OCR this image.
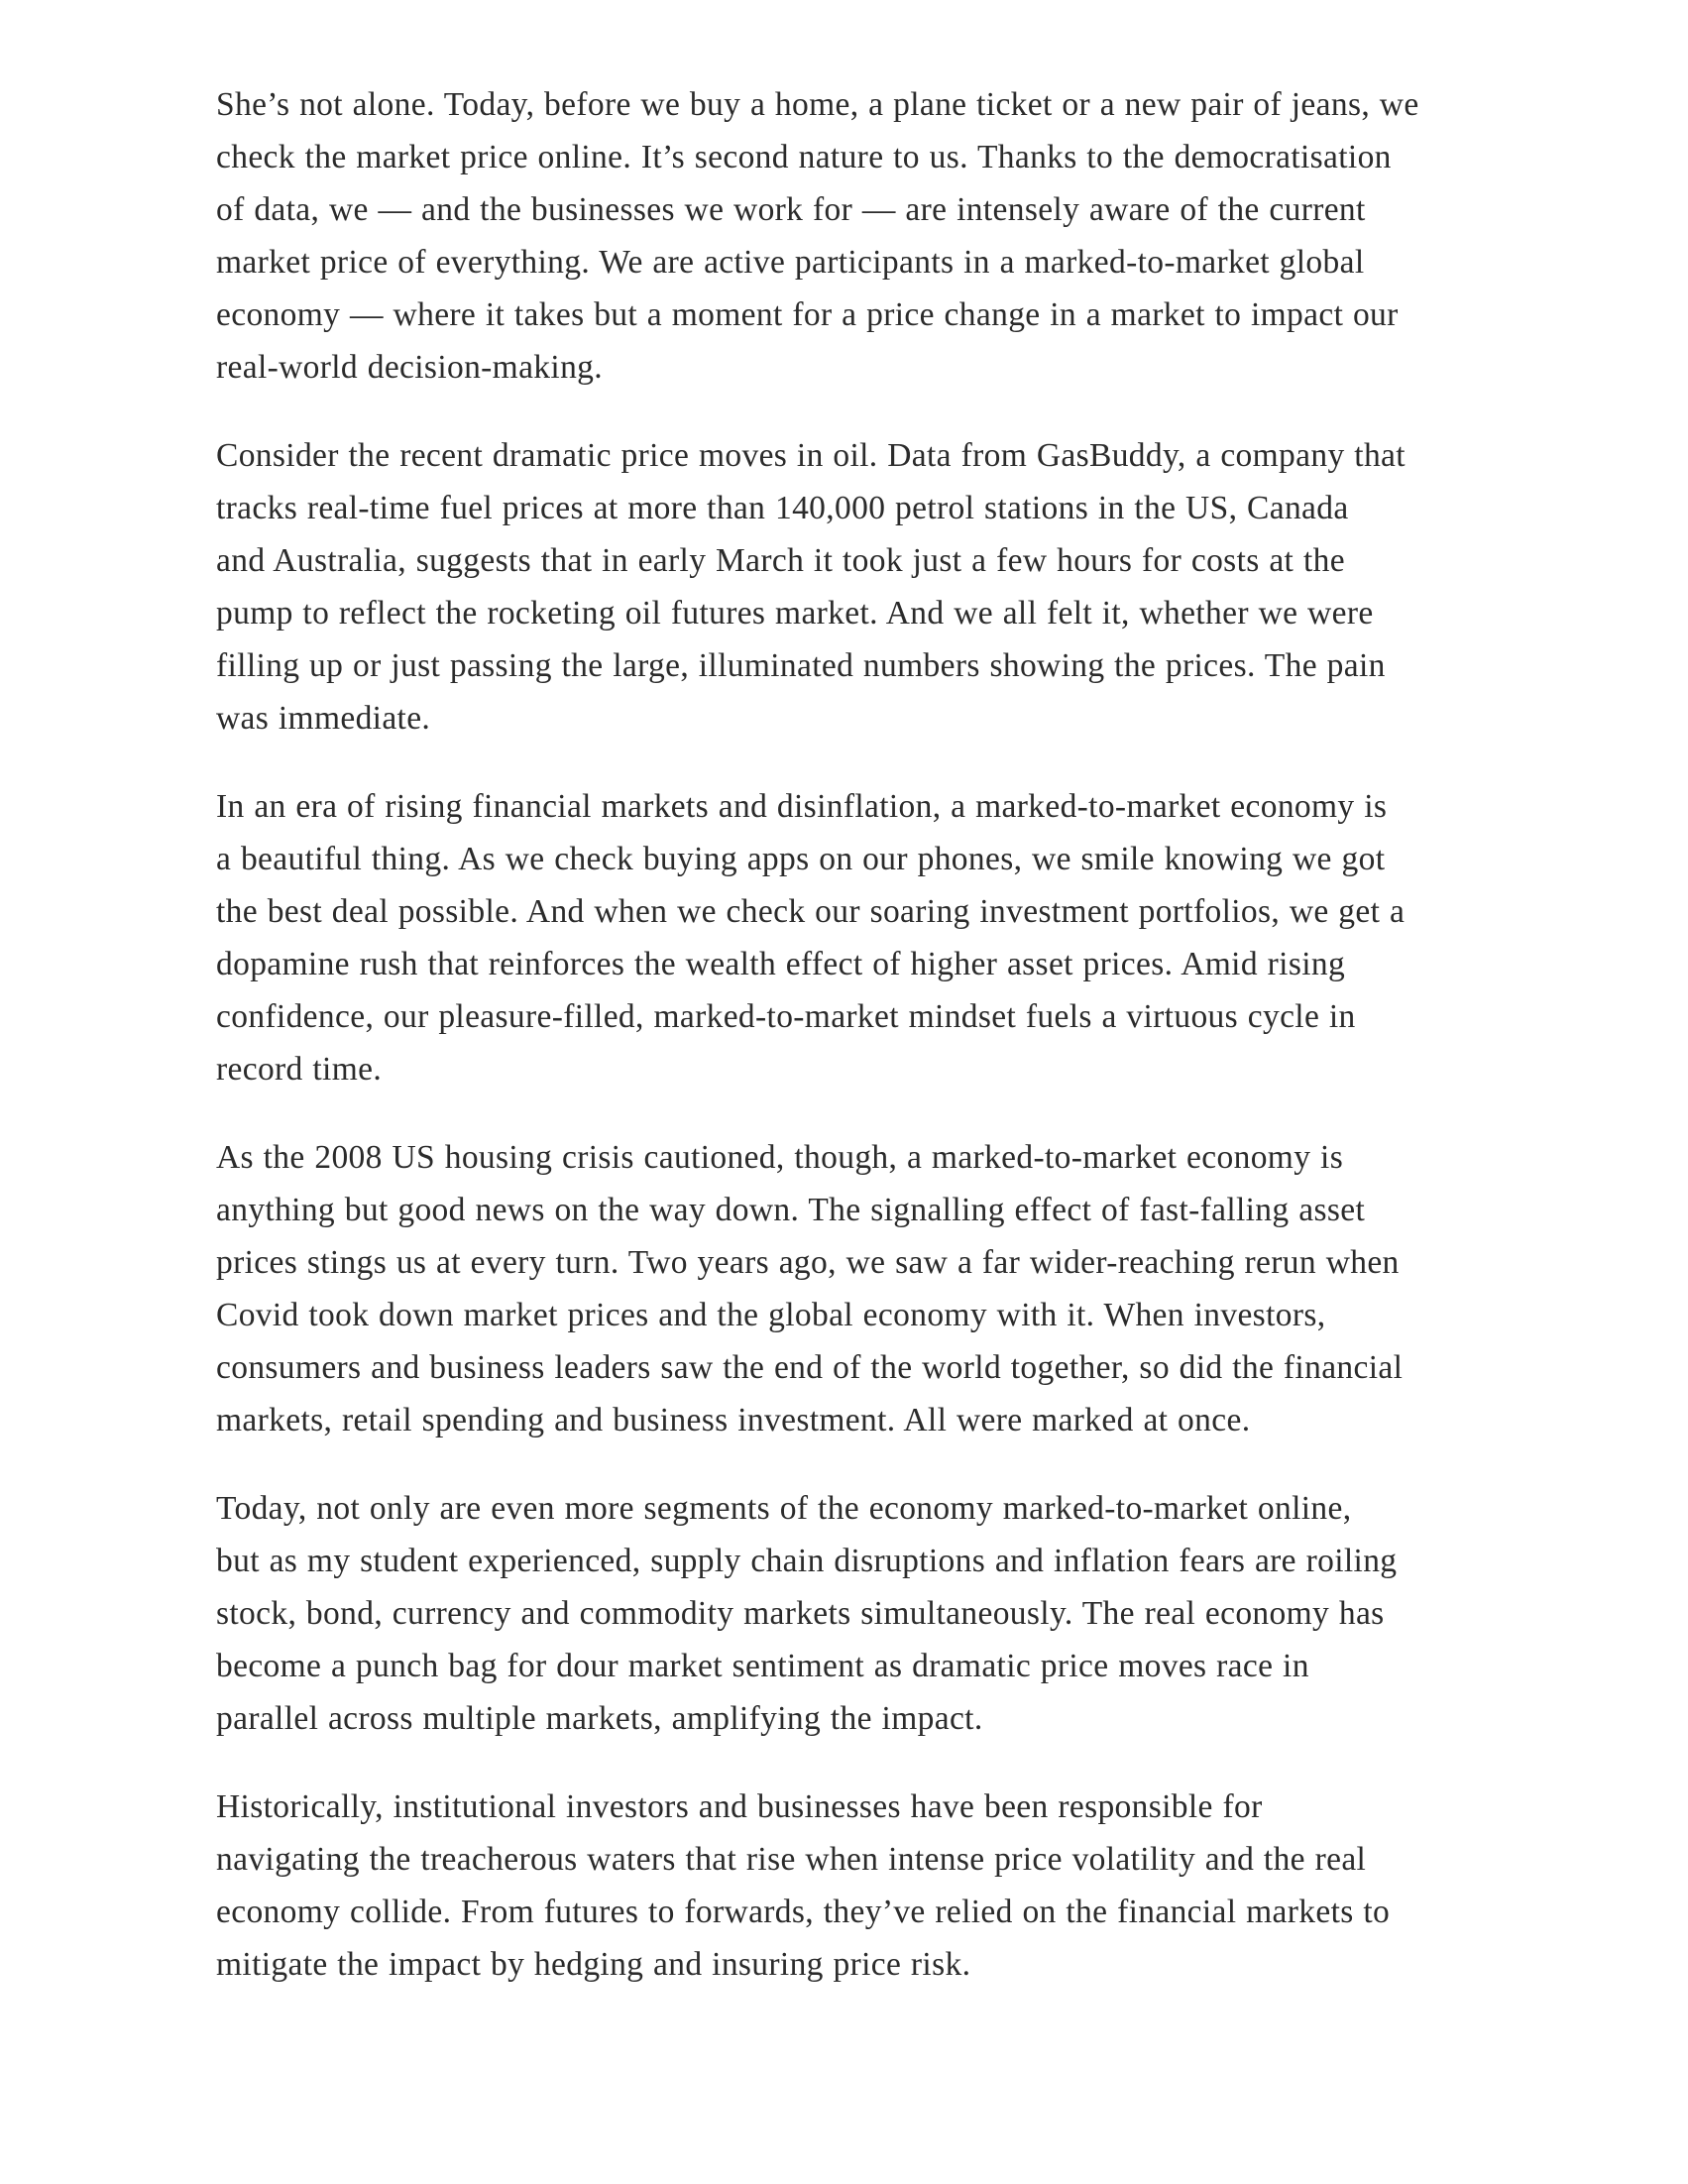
She’s not alone. Today, before we buy a home, a plane ticket or a new pair of jeans, we
check the market price online. It’s second nature to us. Thanks to the democratisation
of data, we — and the businesses we work for — are intensely aware of the current
market price of everything. We are active participants in a marked-to-market global
economy — where it takes but a moment for a price change in a market to impact our
real-world decision-making.

Consider the recent dramatic price moves in oil. Data from GasBuddy, a company that
tracks real-time fuel prices at more than 140,000 petrol stations in the US, Canada
and Australia, suggests that in early March it took just a few hours for costs at the
pump to reflect the rocketing oil futures market. And we all felt it, whether we were
filling up or just passing the large, illuminated numbers showing the prices. The pain
was immediate.

In an era of rising financial markets and disinflation, a marked-to-market economy is
a beautiful thing. As we check buying apps on our phones, we smile knowing we got
the best deal possible. And when we check our soaring investment portfolios, we get a
dopamine rush that reinforces the wealth effect of higher asset prices. Amid rising
confidence, our pleasure-filled, marked-to-market mindset fuels a virtuous cycle in
record time.

As the 2008 US housing crisis cautioned, though, a marked-to-market economy is
anything but good news on the way down. The signalling effect of fast-falling asset
prices stings us at every turn. Two years ago, we saw a far wider-reaching rerun when
Covid took down market prices and the global economy with it. When investors,
consumers and business leaders saw the end of the world together, so did the financial
markets, retail spending and business investment. All were marked at once.

Today, not only are even more segments of the economy marked-to-market online,
but as my student experienced, supply chain disruptions and inflation fears are roiling
stock, bond, currency and commodity markets simultaneously. The real economy has
become a punch bag for dour market sentiment as dramatic price moves race in
parallel across multiple markets, amplifying the impact.

Historically, institutional investors and businesses have been responsible for
navigating the treacherous waters that rise when intense price volatility and the real
economy collide. From futures to forwards, they’ve relied on the financial markets to
mitigate the impact by hedging and insuring price risk.
